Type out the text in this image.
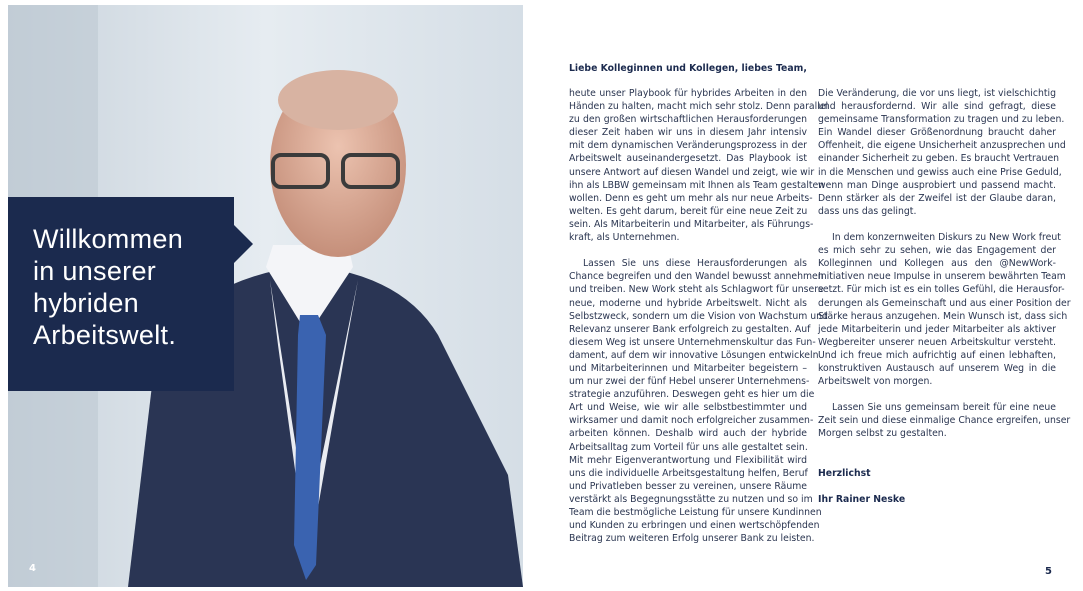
Willkommen
in unserer
hybriden
Arbeitswelt.
4
Liebe Kolleginnen und Kollegen, liebes Team,
heute unser Playbook für hybrides Arbeiten in den
Händen zu halten, macht mich sehr stolz. Denn parallel
zu den großen wirtschaftlichen Herausforderungen
dieser Zeit haben wir uns in diesem Jahr intensiv
mit dem dynamischen Veränderungsprozess in der
Arbeitswelt auseinandergesetzt. Das Playbook ist
unsere Antwort auf diesen Wandel und zeigt, wie wir
ihn als LBBW gemeinsam mit Ihnen als Team gestalten
wollen. Denn es geht um mehr als nur neue Arbeits-
welten. Es geht darum, bereit für eine neue Zeit zu
sein. Als Mitarbeiterin und Mitarbeiter, als Führungs-
kraft, als Unternehmen.
Lassen Sie uns diese Herausforderungen als
Chance begreifen und den Wandel bewusst annehmen
und treiben. New Work steht als Schlagwort für unsere
neue, moderne und hybride Arbeitswelt. Nicht als
Selbstzweck, sondern um die Vision von Wachstum und
Relevanz unserer Bank erfolgreich zu gestalten. Auf
diesem Weg ist unsere Unternehmenskultur das Fun-
dament, auf dem wir innovative Lösungen entwickeln
und Mitarbeiterinnen und Mitarbeiter begeistern –
um nur zwei der fünf Hebel unserer Unternehmens-
strategie anzuführen. Deswegen geht es hier um die
Art und Weise, wie wir alle selbstbestimmter und
wirksamer und damit noch erfolgreicher zusammen-
arbeiten können. Deshalb wird auch der hybride
Arbeitsalltag zum Vorteil für uns alle gestaltet sein.
Mit mehr Eigenverantwortung und Flexibilität wird
uns die individuelle Arbeitsgestaltung helfen, Beruf
und Privatleben besser zu vereinen, unsere Räume
verstärkt als Begegnungsstätte zu nutzen und so im
Team die bestmögliche Leistung für unsere Kundinnen
und Kunden zu erbringen und einen wertschöpfenden
Beitrag zum weiteren Erfolg unserer Bank zu leisten.
Die Veränderung, die vor uns liegt, ist vielschichtig
und herausfordernd. Wir alle sind gefragt, diese
gemeinsame Transformation zu tragen und zu leben.
Ein Wandel dieser Größenordnung braucht daher
Offenheit, die eigene Unsicherheit anzusprechen und
einander Sicherheit zu geben. Es braucht Vertrauen
in die Menschen und gewiss auch eine Prise Geduld,
wenn man Dinge ausprobiert und passend macht.
Denn stärker als der Zweifel ist der Glaube daran,
dass uns das gelingt.
In dem konzernweiten Diskurs zu New Work freut
es mich sehr zu sehen, wie das Engagement der
Kolleginnen und Kollegen aus den @NewWork-
Initiativen neue Impulse in unserem bewährten Team
setzt. Für mich ist es ein tolles Gefühl, die Herausfor-
derungen als Gemeinschaft und aus einer Position der
Stärke heraus anzugehen. Mein Wunsch ist, dass sich
jede Mitarbeiterin und jeder Mitarbeiter als aktiver
Wegbereiter unserer neuen Arbeitskultur versteht.
Und ich freue mich aufrichtig auf einen lebhaften,
konstruktiven Austausch auf unserem Weg in die
Arbeitswelt von morgen.
Lassen Sie uns gemeinsam bereit für eine neue
Zeit sein und diese einmalige Chance ergreifen, unser
Morgen selbst zu gestalten.
Herzlichst
Ihr Rainer Neske
5
